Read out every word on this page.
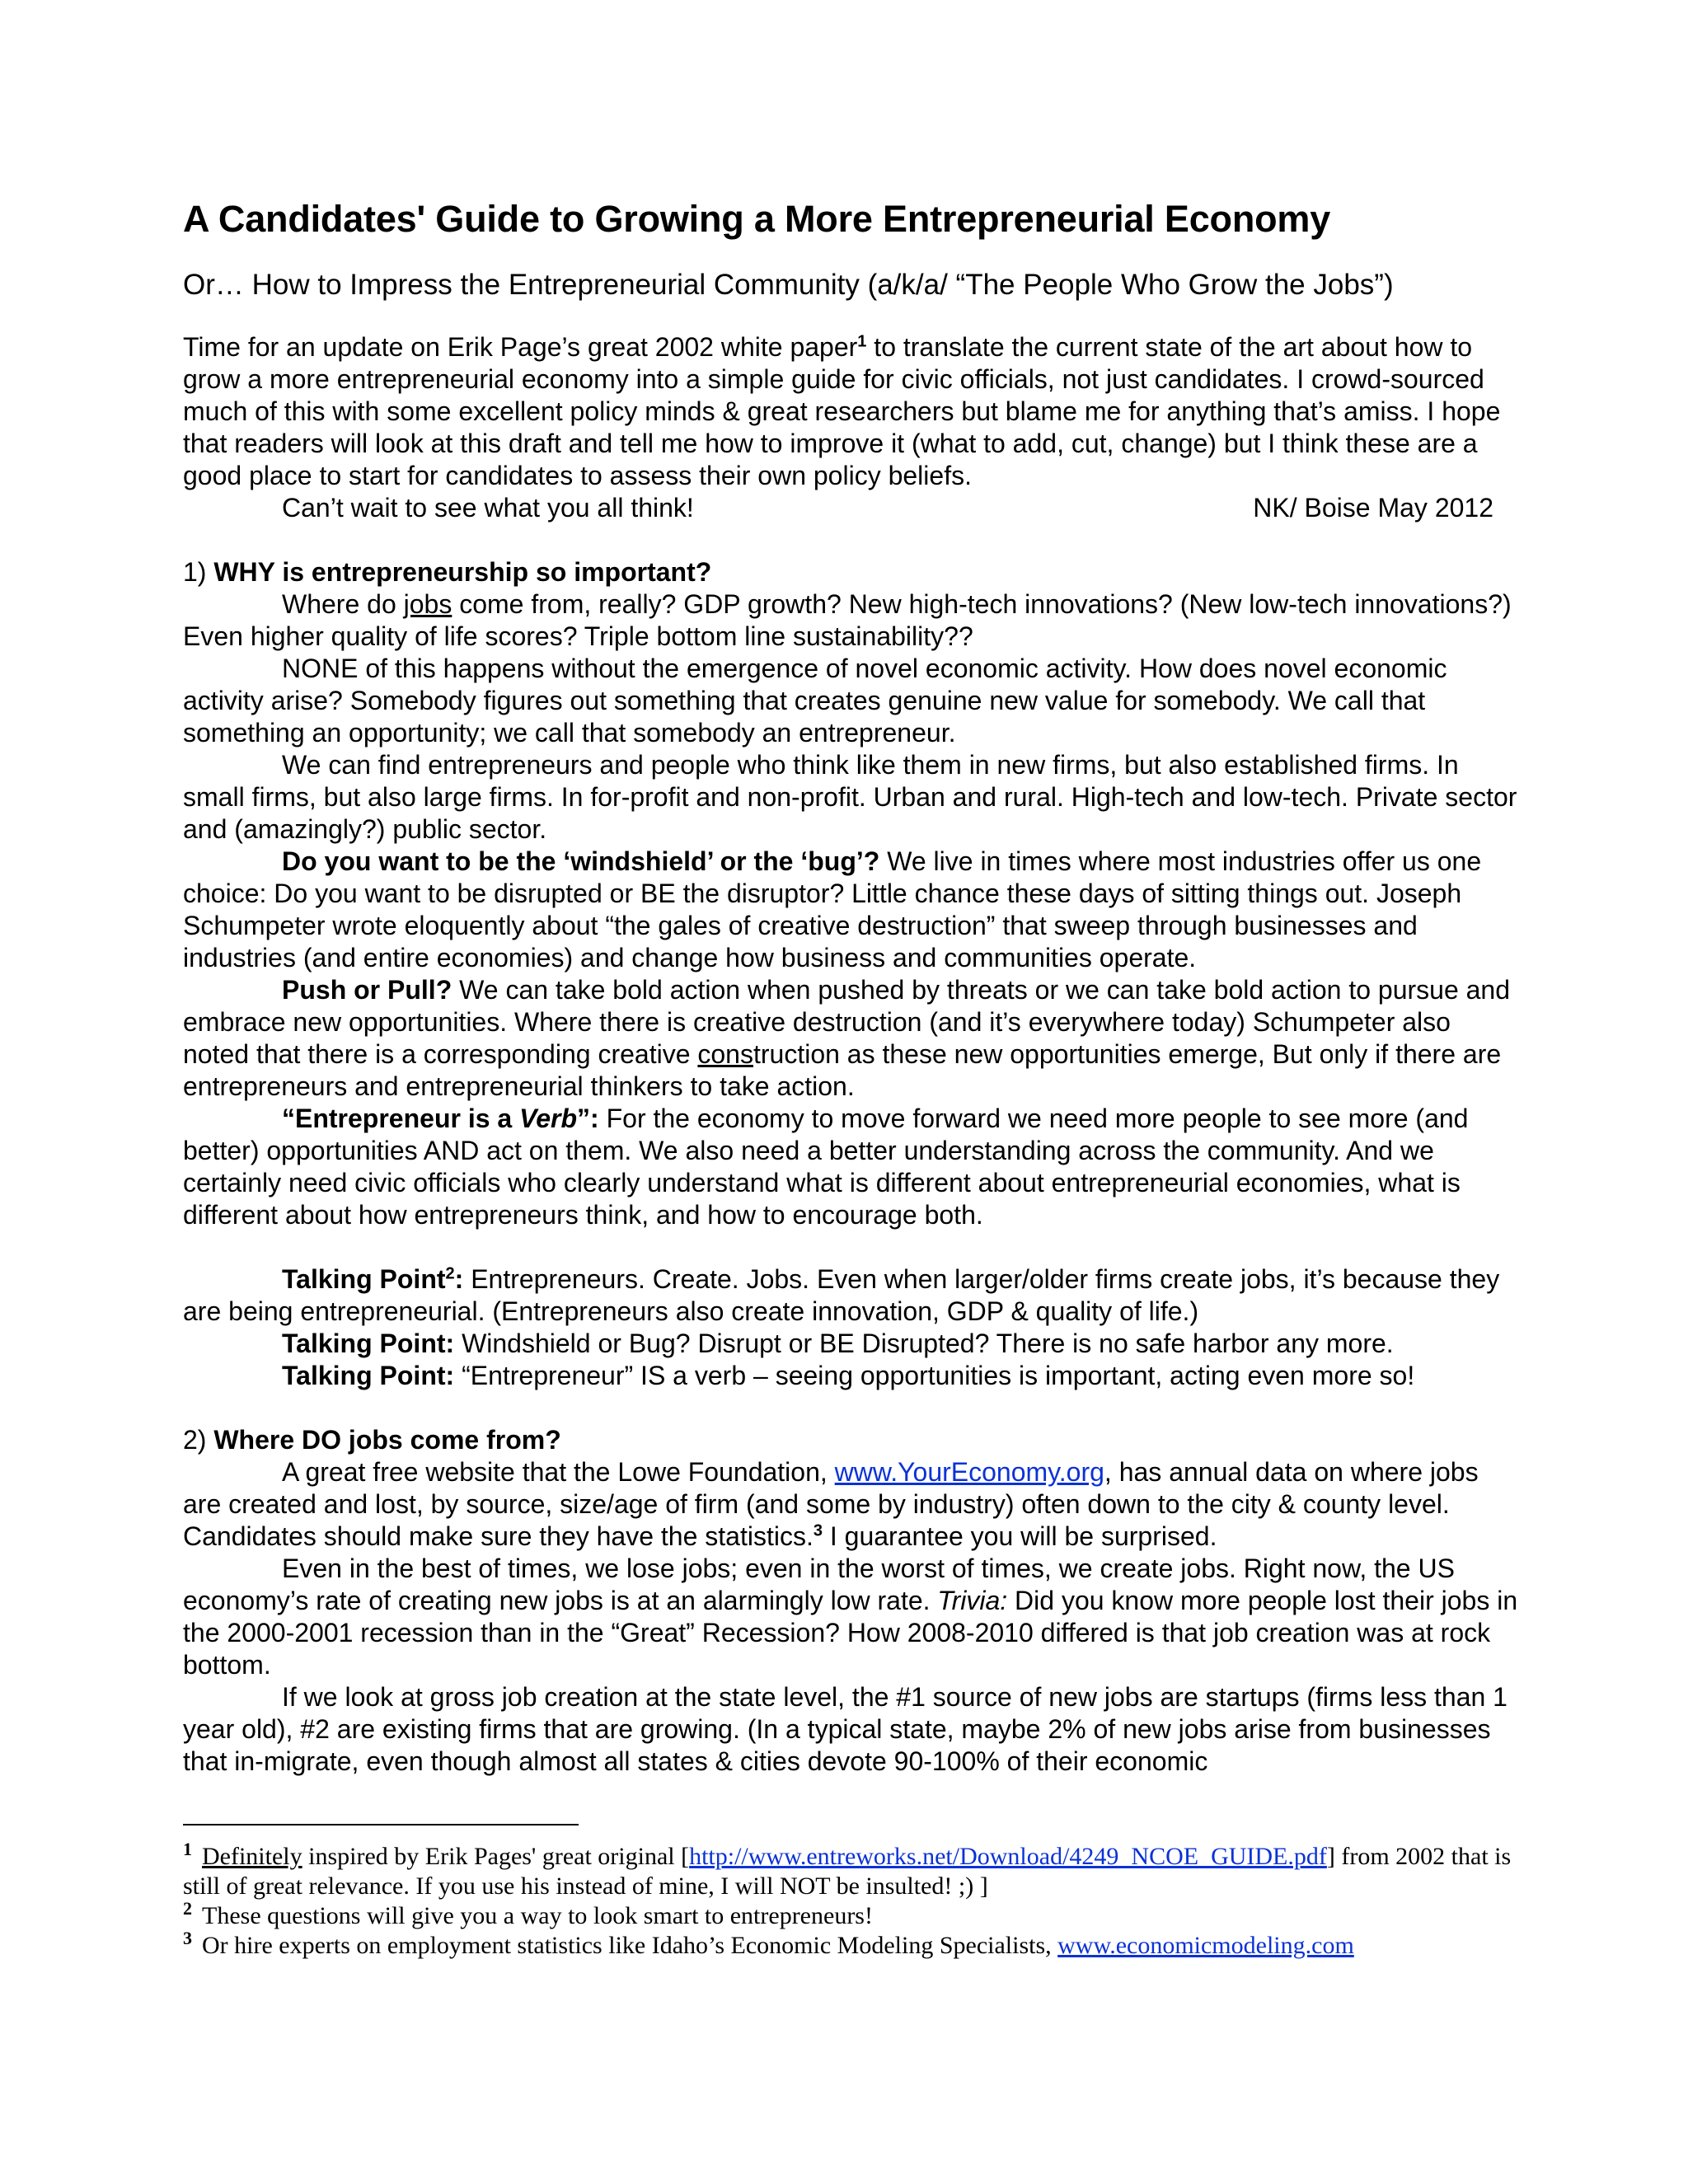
A Candidates' Guide to Growing a More Entrepreneurial Economy

Or… How to Impress the Entrepreneurial Community (a/k/a/ “The People Who Grow the Jobs”)

Time for an update on Erik Page’s great 2002 white paper$^1$ to translate the current state of the art about how to grow a more entrepreneurial economy into a simple guide for civic officials, not just candidates. I crowd-sourced much of this with some excellent policy minds & great researchers but blame me for anything that’s amiss. I hope that readers will look at this draft and tell me how to improve it (what to add, cut, change) but I think these are a good place to start for candidates to assess their own policy beliefs.

Can’t wait to see what you all think!	NK/ Boise May 2012

1) WHY is entrepreneurship so important?

Where do jobs come from, really? GDP growth? New high-tech innovations? (New low-tech innovations?) Even higher quality of life scores? Triple bottom line sustainability??

NONE of this happens without the emergence of novel economic activity. How does novel economic activity arise? Somebody figures out something that creates genuine new value for somebody. We call that something an opportunity; we call that somebody an entrepreneur.

We can find entrepreneurs and people who think like them in new firms, but also established firms. In small firms, but also large firms. In for-profit and non-profit. Urban and rural. High-tech and low-tech. Private sector and (amazingly?) public sector.

Do you want to be the ‘windshield’ or the ‘bug’? We live in times where most industries offer us one choice: Do you want to be disrupted or BE the disruptor? Little chance these days of sitting things out. Joseph Schumpeter wrote eloquently about “the gales of creative destruction” that sweep through businesses and industries (and entire economies) and change how business and communities operate.

Push or Pull? We can take bold action when pushed by threats or we can take bold action to pursue and embrace new opportunities. Where there is creative destruction (and it’s everywhere today) Schumpeter also noted that there is a corresponding creative construction as these new opportunities emerge, But only if there are entrepreneurs and entrepreneurial thinkers to take action.

“Entrepreneur is a Verb”: For the economy to move forward we need more people to see more (and better) opportunities AND act on them. We also need a better understanding across the community. And we certainly need civic officials who clearly understand what is different about entrepreneurial economies, what is different about how entrepreneurs think, and how to encourage both.

Talking Point$^2$: Entrepreneurs. Create. Jobs. Even when larger/older firms create jobs, it’s because they are being entrepreneurial. (Entrepreneurs also create innovation, GDP & quality of life.)

Talking Point: Windshield or Bug? Disrupt or BE Disrupted? There is no safe harbor any more.

Talking Point: “Entrepreneur” IS a verb – seeing opportunities is important, acting even more so!

2) Where DO jobs come from?

A great free website that the Lowe Foundation, www.YourEconomy.org, has annual data on where jobs are created and lost, by source, size/age of firm (and some by industry) often down to the city & county level. Candidates should make sure they have the statistics.$^3$ I guarantee you will be surprised.

Even in the best of times, we lose jobs; even in the worst of times, we create jobs. Right now, the US economy’s rate of creating new jobs is at an alarmingly low rate. Trivia: Did you know more people lost their jobs in the 2000-2001 recession than in the “Great” Recession? How 2008-2010 differed is that job creation was at rock bottom.

If we look at gross job creation at the state level, the #1 source of new jobs are startups (firms less than 1 year old), #2 are existing firms that are growing. (In a typical state, maybe 2% of new jobs arise from businesses that in-migrate, even though almost all states & cities devote 90-100% of their economic

$^1$ Definitely inspired by Erik Pages' great original [http://www.entreworks.net/Download/4249_NCOE_GUIDE.pdf] from 2002 that is still of great relevance. If you use his instead of mine, I will NOT be insulted! ;) ]

$^2$ These questions will give you a way to look smart to entrepreneurs!

$^3$ Or hire experts on employment statistics like Idaho’s Economic Modeling Specialists, www.economicmodeling.com
